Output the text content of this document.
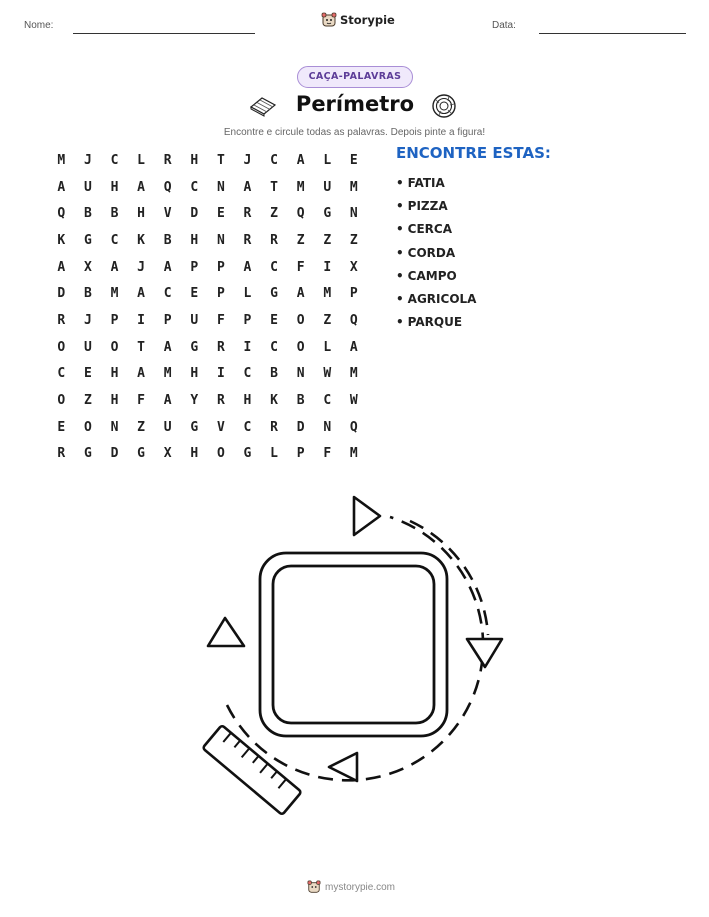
Nome:	Storypie	Data:
CAÇA-PALAVRAS
Perímetro
Encontre e circule todas as palavras. Depois pinte a figura!
M	J	C	L	R	H	T	J	C	A	L	E
A	U	H	A	Q	C	N	A	T	M	U	M
Q	B	B	H	V	D	E	R	Z	Q	G	N
K	G	C	K	B	H	N	R	R	Z	Z	Z
A	X	A	J	A	P	P	A	C	F	I	X
D	B	M	A	C	E	P	L	G	A	M	P
R	J	P	I	P	U	F	P	E	O	Z	Q
O	U	O	T	A	G	R	I	C	O	L	A
C	E	H	A	M	H	I	C	B	N	W	M
O	Z	H	F	A	Y	R	H	K	B	C	W
E	O	N	Z	U	G	V	C	R	D	N	Q
R	G	D	G	X	H	O	G	L	P	F	M
ENCONTRE ESTAS:
• FATIA
• PIZZA
• CERCA
• CORDA
• CAMPO
• AGRICOLA
• PARQUE
mystorypie.com
